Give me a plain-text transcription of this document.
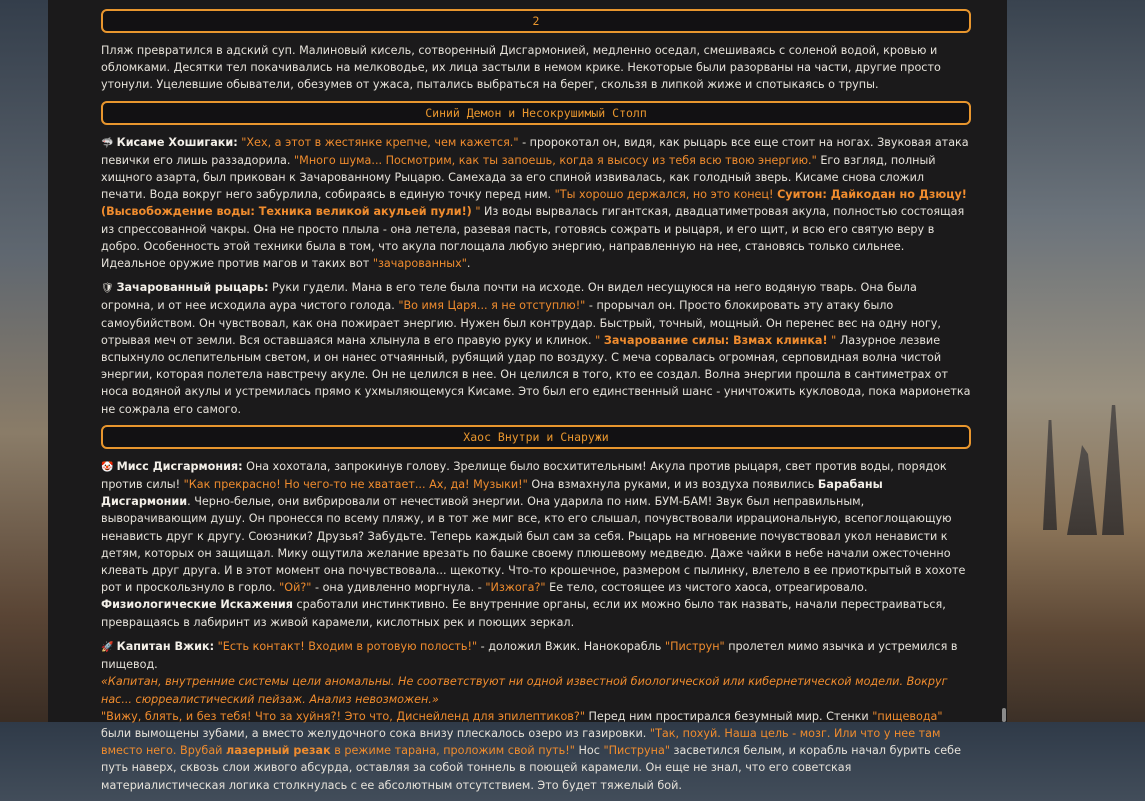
2

Пляж превратился в адский суп. Малиновый кисель, сотворенный Дисгармонией, медленно оседал, смешиваясь с соленой водой, кровью и обломками. Десятки тел покачивались на мелководье, их лица застыли в немом крике. Некоторые были разорваны на части, другие просто утонули. Уцелевшие обыватели, обезумев от ужаса, пытались выбраться на берег, скользя в липкой жиже и спотыкаясь о трупы.

Синий Демон и Несокрушимый Столп

🦈 Кисаме Хошигаки: "Хех, а этот в жестянке крепче, чем кажется." - пророкотал он, видя, как рыцарь все еще стоит на ногах. Звуковая атака певички его лишь раззадорила. "Много шума... Посмотрим, как ты запоешь, когда я высосу из тебя всю твою энергию." Его взгляд, полный хищного азарта, был прикован к Зачарованному Рыцарю. Самехада за его спиной извивалась, как голодный зверь. Кисаме снова сложил печати. Вода вокруг него забурлила, собираясь в единую точку перед ним. "Ты хорошо держался, но это конец! Суитон: Дайкодан но Дзюцу! (Высвобождение воды: Техника великой акульей пули!) " Из воды вырвалась гигантская, двадцатиметровая акула, полностью состоящая из спрессованной чакры. Она не просто плыла - она летела, разевая пасть, готовясь сожрать и рыцаря, и его щит, и всю его святую веру в добро. Особенность этой техники была в том, что акула поглощала любую энергию, направленную на нее, становясь только сильнее. Идеальное оружие против магов и таких вот "зачарованных".

🛡 Зачарованный рыцарь: Руки гудели. Мана в его теле была почти на исходе. Он видел несущуюся на него водяную тварь. Она была огромна, и от нее исходила аура чистого голода. "Во имя Царя... я не отступлю!" - прорычал он. Просто блокировать эту атаку было самоубийством. Он чувствовал, как она пожирает энергию. Нужен был контрудар. Быстрый, точный, мощный. Он перенес вес на одну ногу, отрывая меч от земли. Вся оставшаяся мана хлынула в его правую руку и клинок. " Зачарование силы: Взмах клинка! " Лазурное лезвие вспыхнуло ослепительным светом, и он нанес отчаянный, рубящий удар по воздуху. С меча сорвалась огромная, серповидная волна чистой энергии, которая полетела навстречу акуле. Он не целился в нее. Он целился в того, кто ее создал. Волна энергии прошла в сантиметрах от носа водяной акулы и устремилась прямо к ухмыляющемуся Кисаме. Это был его единственный шанс - уничтожить кукловода, пока марионетка не сожрала его самого.

Хаос Внутри и Снаружи

🤡 Мисс Дисгармония: Она хохотала, запрокинув голову. Зрелище было восхитительным! Акула против рыцаря, свет против воды, порядок против силы! "Как прекрасно! Но чего-то не хватает... Ах, да! Музыки!" Она взмахнула руками, и из воздуха появились Барабаны Дисгармонии. Черно-белые, они вибрировали от нечестивой энергии. Она ударила по ним. БУМ-БАМ! Звук был неправильным, выворачивающим душу. Он пронесся по всему пляжу, и в тот же миг все, кто его слышал, почувствовали иррациональную, всепоглощающую ненависть друг к другу. Союзники? Друзья? Забудьте. Теперь каждый был сам за себя. Рыцарь на мгновение почувствовал укол ненависти к детям, которых он защищал. Мику ощутила желание врезать по башке своему плюшевому медведю. Даже чайки в небе начали ожесточенно клевать друг друга. И в этот момент она почувствовала... щекотку. Что-то крошечное, размером с пылинку, влетело в ее приоткрытый в хохоте рот и проскользнуло в горло. "Ой?" - она удивленно моргнула. - "Изжога?" Ее тело, состоящее из чистого хаоса, отреагировало. Физиологические Искажения сработали инстинктивно. Ее внутренние органы, если их можно было так назвать, начали перестраиваться, превращаясь в лабиринт из живой карамели, кислотных рек и поющих зеркал.

🚀 Капитан Вжик: "Есть контакт! Входим в ротовую полость!" - доложил Вжик. Нанокорабль "Пиструн" пролетел мимо язычка и устремился в пищевод.
«Капитан, внутренние системы цели аномальны. Не соответствуют ни одной известной биологической или кибернетической модели. Вокруг нас... сюрреалистический пейзаж. Анализ невозможен.»
"Вижу, блять, и без тебя! Что за хуйня?! Это что, Диснейленд для эпилептиков?" Перед ним простирался безумный мир. Стенки "пищевода" были вымощены зубами, а вместо желудочного сока внизу плескалось озеро из газировки. "Так, похуй. Наша цель - мозг. Или что у нее там вместо него. Врубай лазерный резак в режиме тарана, проложим свой путь!" Нос "Пиструна" засветился белым, и корабль начал бурить себе путь наверх, сквозь слои живого абсурда, оставляя за собой тоннель в поющей карамели. Он еще не знал, что его советская материалистическая логика столкнулась с ее абсолютным отсутствием. Это будет тяжелый бой.
